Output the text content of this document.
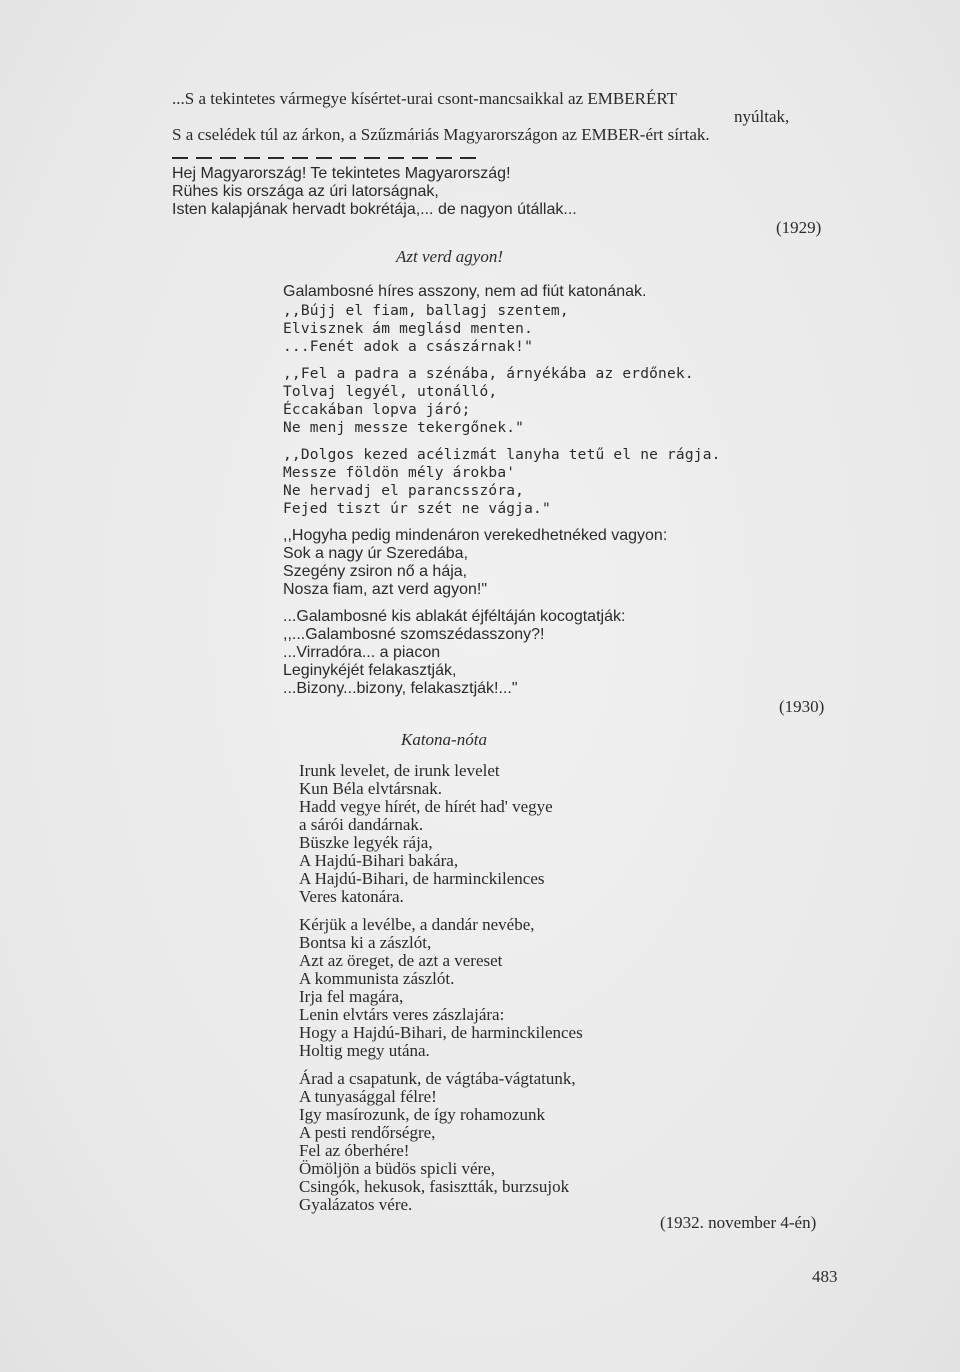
...S a tekintetes vármegye kísértet-urai csont-mancsaikkal az EMBERÉRT
nyúltak,
S a cselédek túl az árkon, a Szűzmáriás Magyarországon az EMBER-ért sírtak.
Hej Magyarország! Te tekintetes Magyarország!
Rühes kis országa az úri latorságnak,
Isten kalapjának hervadt bokrétája,... de nagyon útállak...
(1929)
Azt verd agyon!
Galambosné híres asszony, nem ad fiút katonának.
,,Bújj el fiam, ballagj szentem,
Elvisznek ám meglásd menten.
...Fenét adok a császárnak!"
,,Fel a padra a szénába, árnyékába az erdőnek.
Tolvaj legyél, utonálló,
Éccakában lopva járó;
Ne menj messze tekergőnek."
,,Dolgos kezed acélizmát lanyha tetű el ne rágja.
Messze földön mély árokba'
Ne hervadj el parancsszóra,
Fejed tiszt úr szét ne vágja."
,,Hogyha pedig mindenáron verekedhetnéked vagyon:
Sok a nagy úr Szeredába,
Szegény zsiron nő a hája,
Nosza fiam, azt verd agyon!"
...Galambosné kis ablakát éjféltáján kocogtatják:
,,...Galambosné szomszédasszony?!
...Virradóra... a piacon
Leginykéjét felakasztják,
...Bizony...bizony, felakasztják!..."
(1930)
Katona-nóta
Irunk levelet, de irunk levelet
Kun Béla elvtársnak.
Hadd vegye hírét, de hírét had' vegye
a sárói dandárnak.
Büszke legyék rája,
A Hajdú-Bihari bakára,
A Hajdú-Bihari, de harminckilences
Veres katonára.
Kérjük a levélbe, a dandár nevébe,
Bontsa ki a zászlót,
Azt az öreget, de azt a vereset
A kommunista zászlót.
Irja fel magára,
Lenin elvtárs veres zászlajára:
Hogy a Hajdú-Bihari, de harminckilences
Holtig megy utána.
Árad a csapatunk, de vágtába-vágtatunk,
A tunyasággal félre!
Igy masírozunk, de így rohamozunk
A pesti rendőrségre,
Fel az óberhére!
Ömöljön a büdös spicli vére,
Csingók, hekusok, fasisztták, burzsujok
Gyalázatos vére.
(1932. november 4-én)
483
